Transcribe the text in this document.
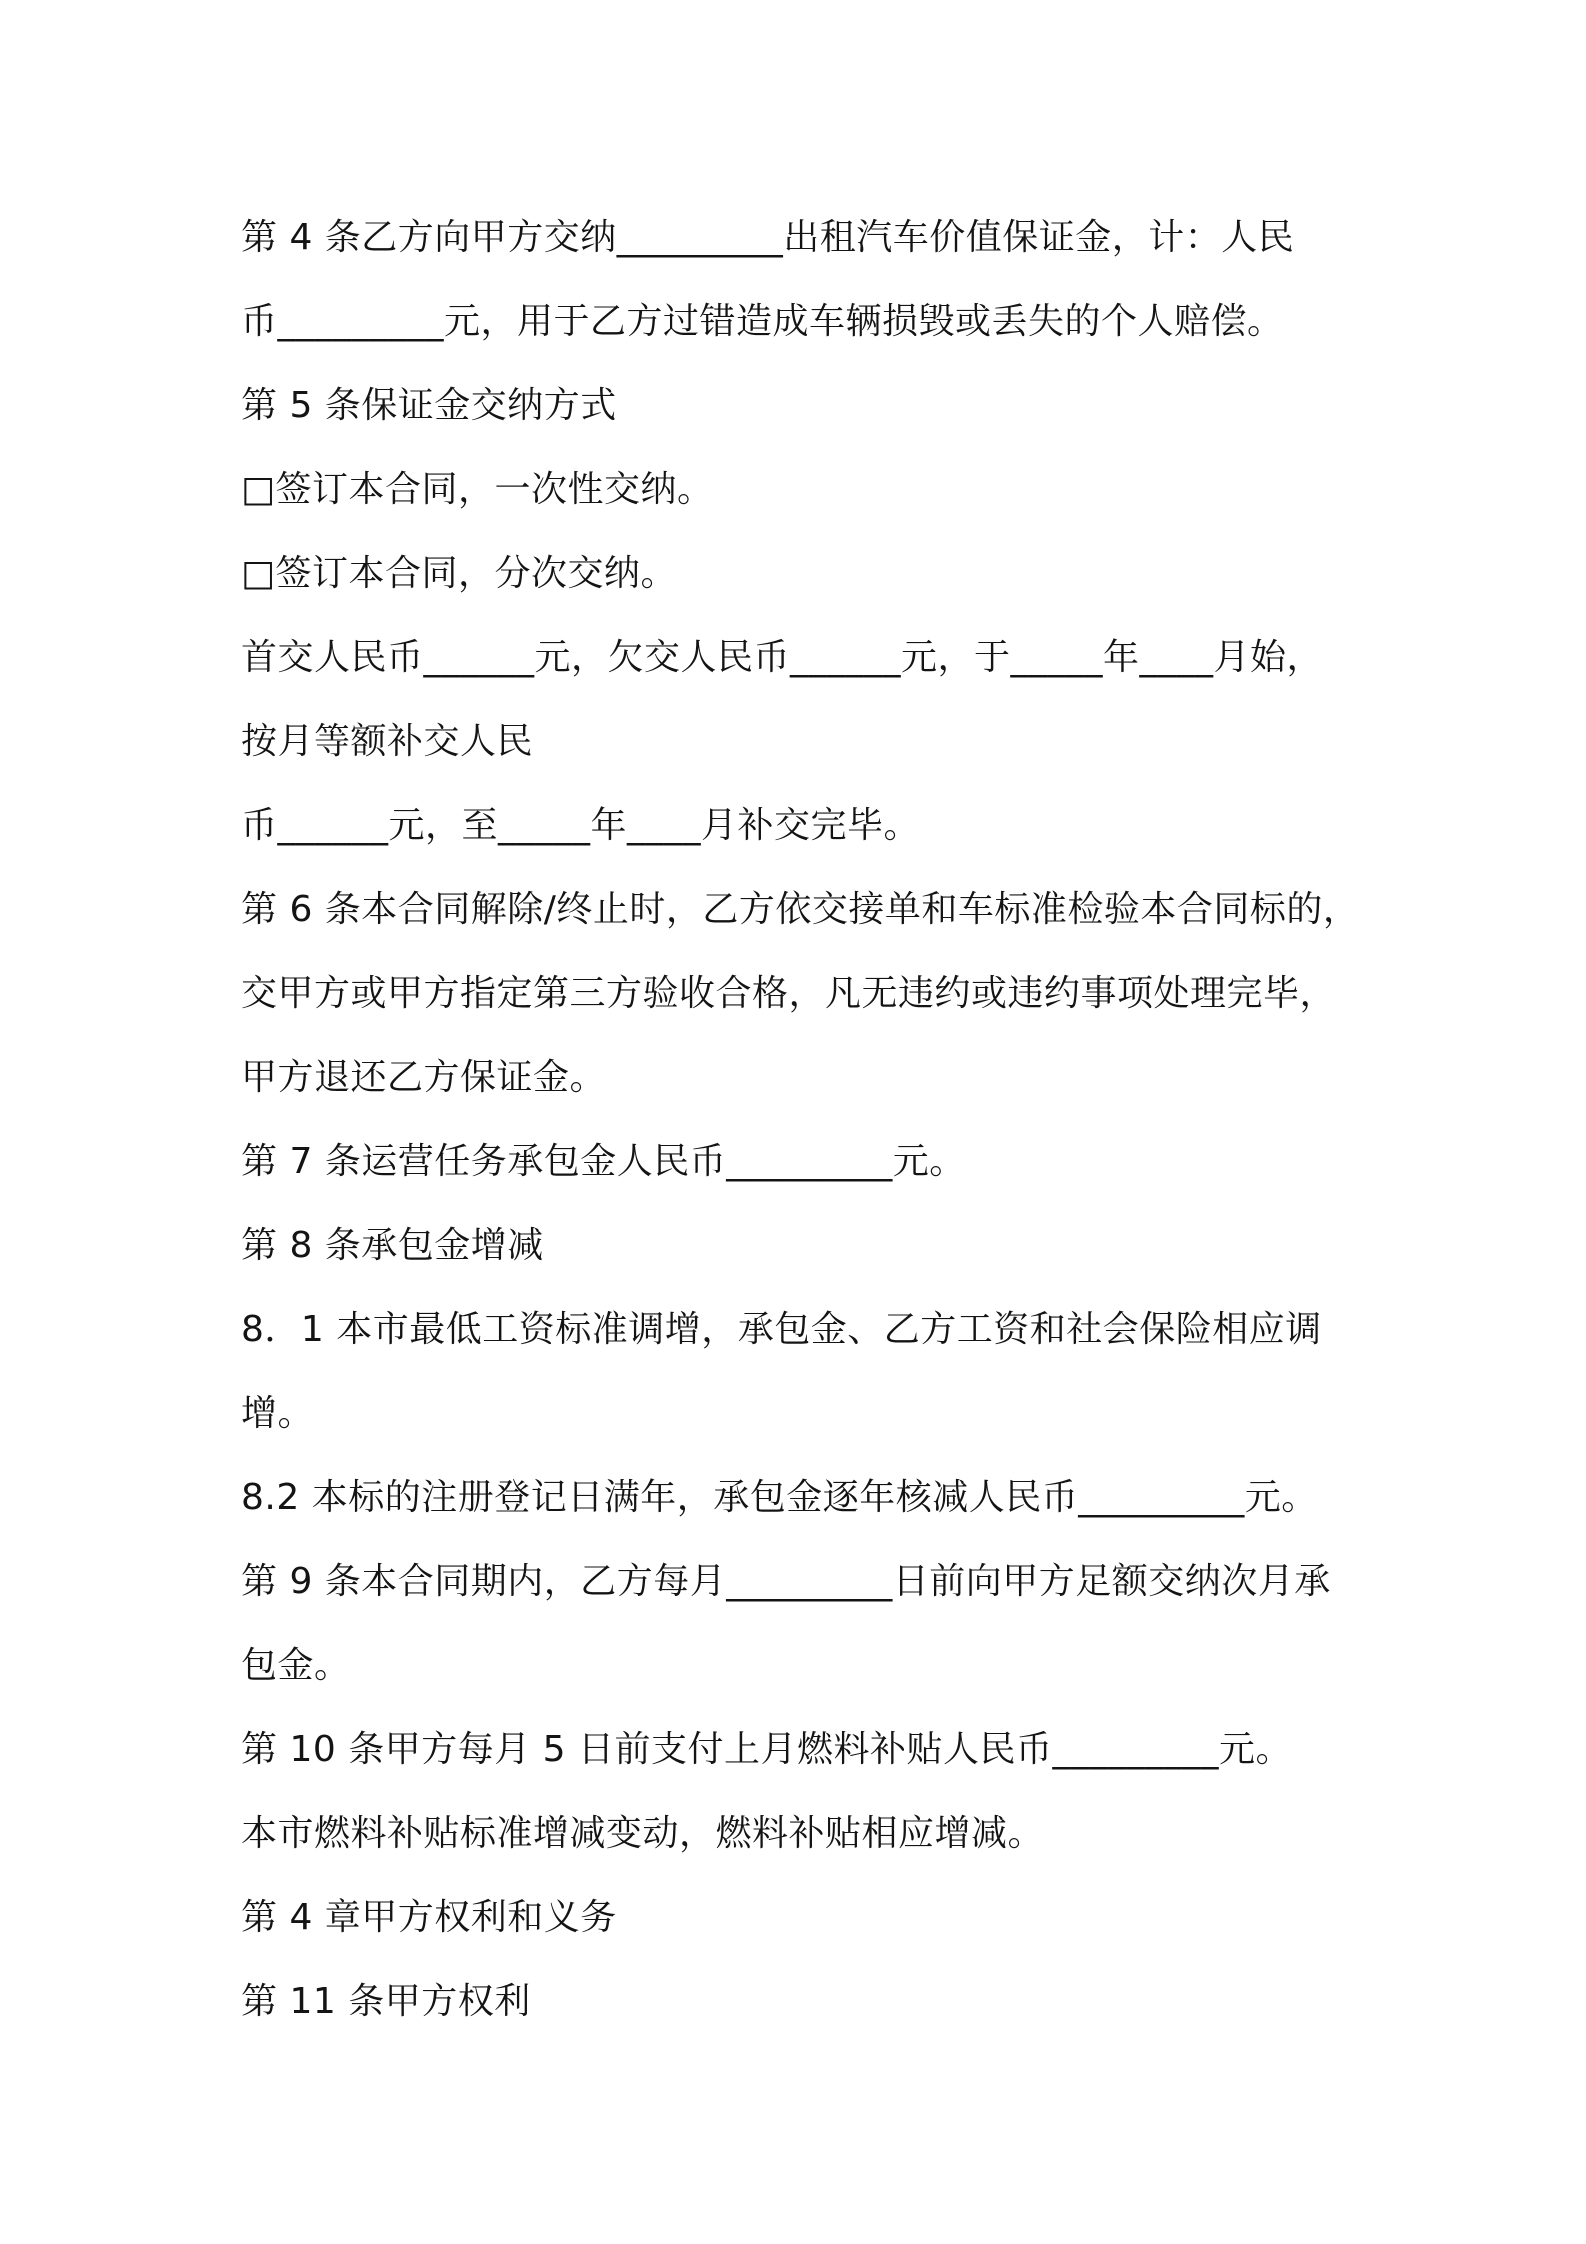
第 4 条乙方向甲方交纳_________出租汽车价值保证金，计：人民
币_________元，用于乙方过错造成车辆损毁或丢失的个人赔偿。
第 5 条保证金交纳方式
□签订本合同，一次性交纳。
□签订本合同，分次交纳。
首交人民币______元，欠交人民币______元，于_____年____月始，
按月等额补交人民
币______元，至_____年____月补交完毕。
第 6 条本合同解除/终止时，乙方依交接单和车标准检验本合同标的，
交甲方或甲方指定第三方验收合格，凡无违约或违约事项处理完毕，
甲方退还乙方保证金。
第 7 条运营任务承包金人民币_________元。
第 8 条承包金增减
8．1 本市最低工资标准调增，承包金、乙方工资和社会保险相应调
增。
8.2 本标的注册登记日满年，承包金逐年核减人民币_________元。
第 9 条本合同期内，乙方每月_________日前向甲方足额交纳次月承
包金。
第 10 条甲方每月 5 日前支付上月燃料补贴人民币_________元。
本市燃料补贴标准增减变动，燃料补贴相应增减。
第 4 章甲方权利和义务
第 11 条甲方权利
